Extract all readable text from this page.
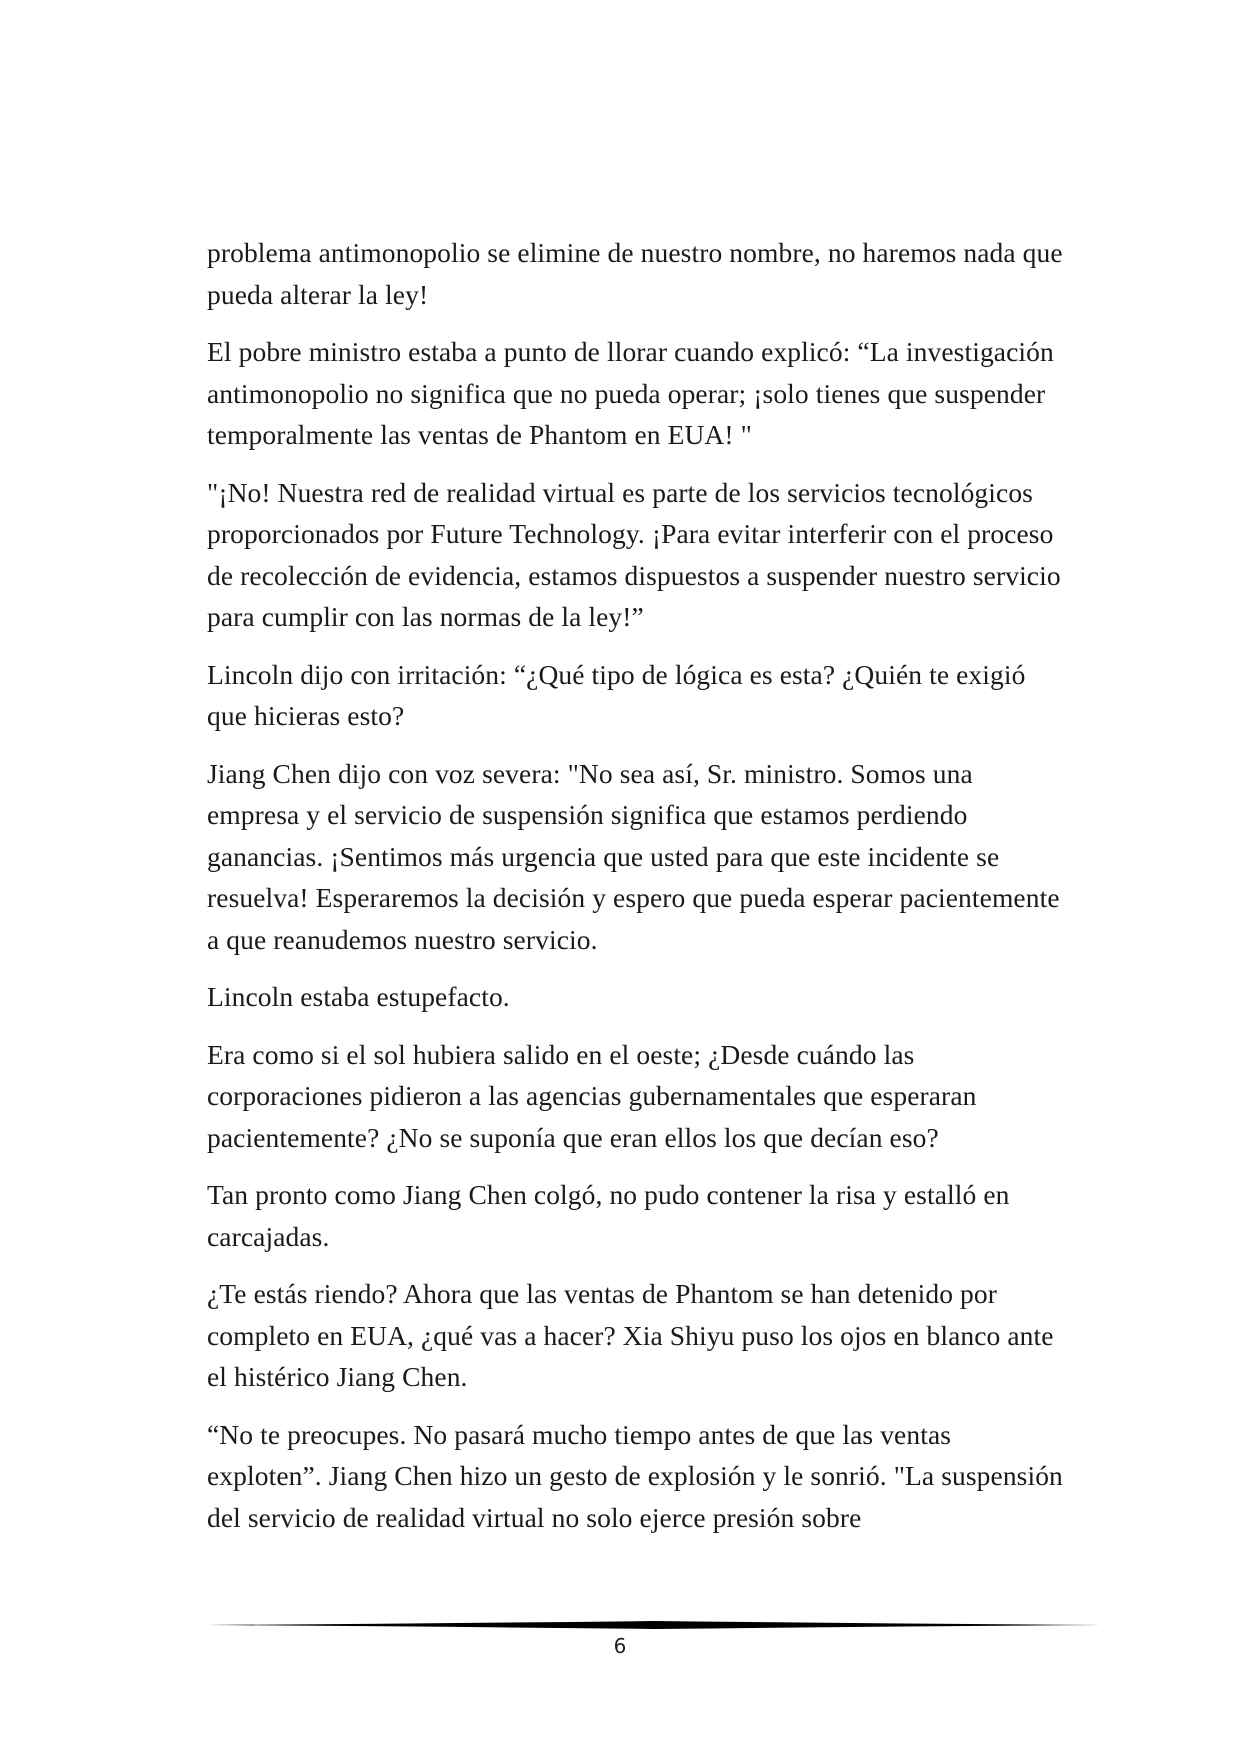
problema antimonopolio se elimine de nuestro nombre, no haremos nada que pueda alterar la ley!

El pobre ministro estaba a punto de llorar cuando explicó: “La investigación antimonopolio no significa que no pueda operar; ¡solo tienes que suspender temporalmente las ventas de Phantom en EUA! "

"¡No! Nuestra red de realidad virtual es parte de los servicios tecnológicos proporcionados por Future Technology. ¡Para evitar interferir con el proceso de recolección de evidencia, estamos dispuestos a suspender nuestro servicio para cumplir con las normas de la ley!”

Lincoln dijo con irritación: “¿Qué tipo de lógica es esta? ¿Quién te exigió que hicieras esto?

Jiang Chen dijo con voz severa: "No sea así, Sr. ministro. Somos una empresa y el servicio de suspensión significa que estamos perdiendo ganancias. ¡Sentimos más urgencia que usted para que este incidente se resuelva! Esperaremos la decisión y espero que pueda esperar pacientemente a que reanudemos nuestro servicio.

Lincoln estaba estupefacto.

Era como si el sol hubiera salido en el oeste; ¿Desde cuándo las corporaciones pidieron a las agencias gubernamentales que esperaran pacientemente? ¿No se suponía que eran ellos los que decían eso?

Tan pronto como Jiang Chen colgó, no pudo contener la risa y estalló en carcajadas.

¿Te estás riendo? Ahora que las ventas de Phantom se han detenido por completo en EUA, ¿qué vas a hacer? Xia Shiyu puso los ojos en blanco ante el histérico Jiang Chen.

“No te preocupes. No pasará mucho tiempo antes de que las ventas exploten”. Jiang Chen hizo un gesto de explosión y le sonrió. "La suspensión del servicio de realidad virtual no solo ejerce presión sobre

6
